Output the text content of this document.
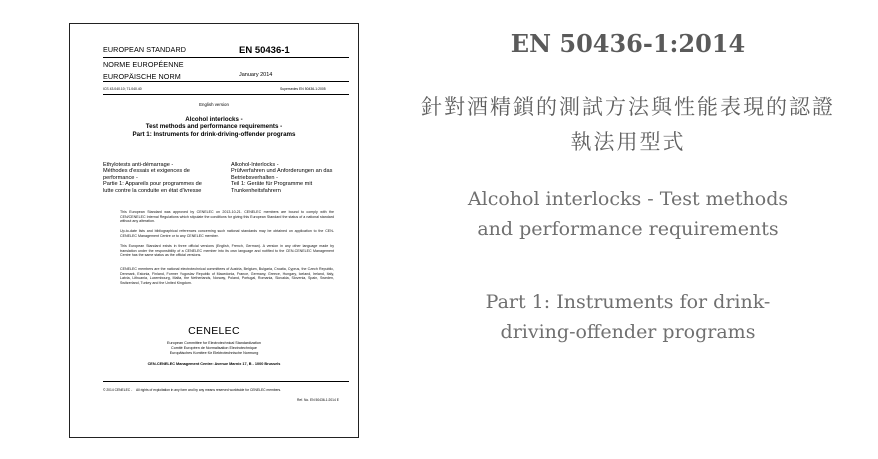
EUROPEAN STANDARD	EN 50436-1
NORME EUROPÉENNE
EUROPÄISCHE NORM	January 2014
ICS 43.040.10; 71.040.40	Supersedes EN 50436-1:2005
English version
Alcohol interlocks -
Test methods and performance requirements -
Part 1: Instruments for drink-driving-offender programs
Ethylotests anti-démarrage -
Méthodes d'essais et exigences de
performance -
Partie 1: Appareils pour programmes de
lutte contre la conduite en état d'ivresse
Alkohol-Interlocks -
Prüfverfahren und Anforderungen an das
Betriebsverhalten -
Teil 1: Geräte für Programme mit
Trunkenheitsfahrern
This European Standard was approved by CENELEC on 2013-10-21. CENELEC members are bound to comply with the CEN/CENELEC Internal Regulations which stipulate the conditions for giving this European Standard the status of a national standard without any alteration.
Up-to-date lists and bibliographical references concerning such national standards may be obtained on application to the CEN-CENELEC Management Centre or to any CENELEC member.
This European Standard exists in three official versions (English, French, German). A version in any other language made by translation under the responsibility of a CENELEC member into its own language and notified to the CEN-CENELEC Management Centre has the same status as the official versions.
CENELEC members are the national electrotechnical committees of Austria, Belgium, Bulgaria, Croatia, Cyprus, the Czech Republic, Denmark, Estonia, Finland, Former Yugoslav Republic of Macedonia, France, Germany, Greece, Hungary, Iceland, Ireland, Italy, Latvia, Lithuania, Luxembourg, Malta, the Netherlands, Norway, Poland, Portugal, Romania, Slovakia, Slovenia, Spain, Sweden, Switzerland, Turkey and the United Kingdom.
CENELEC
European Committee for Electrotechnical Standardization
Comité Européen de Normalisation Electrotechnique
Europäisches Komitee für Elektrotechnische Normung
CEN-CENELEC Management Centre: Avenue Marnix 17, B - 1000 Brussels
© 2014 CENELEC - All rights of exploitation in any form and by any means reserved worldwide for CENELEC members.
Ref. No. EN 50436-1:2014 E
EN 50436-1:2014
針對酒精鎖的測試方法與性能表現的認證
執法用型式
Alcohol interlocks - Test methods
and performance requirements
Part 1: Instruments for drink-
driving-offender programs
